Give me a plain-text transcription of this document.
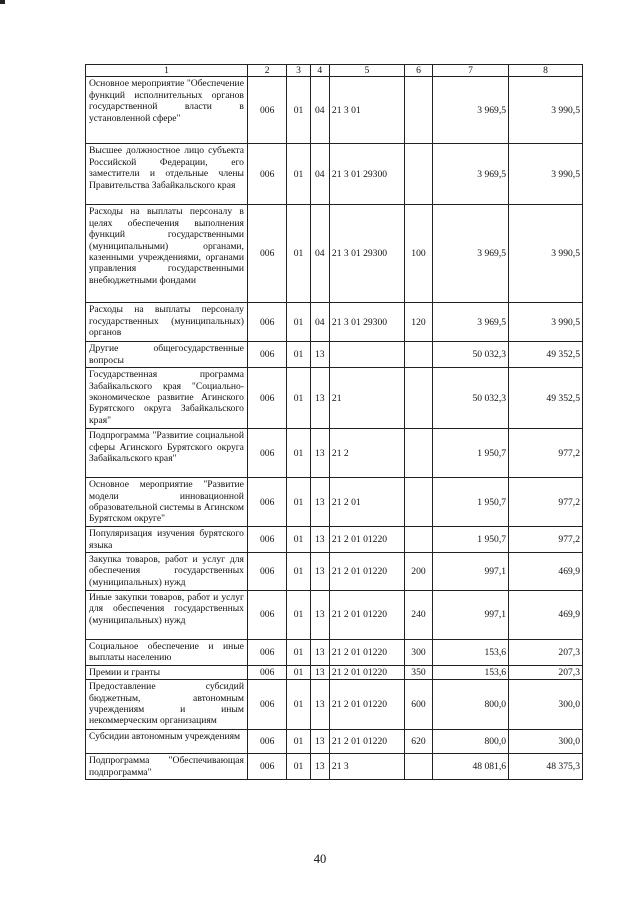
1	2	3	4	5	6	7	8
Основное мероприятие "Обеспечение функций исполнительных органов государственной власти в установленной сфере"	006	01	04	21 3 01		3 969,5	3 990,5
Высшее должностное лицо субъекта Российской Федерации, его заместители и отдельные члены Правительства Забайкальского края	006	01	04	21 3 01 29300		3 969,5	3 990,5
Расходы на выплаты персоналу в целях обеспечения выполнения функций государственными (муниципальными) органами, казенными учреждениями, органами управления государственными внебюджетными фондами	006	01	04	21 3 01 29300	100	3 969,5	3 990,5
Расходы на выплаты персоналу государственных (муниципальных) органов	006	01	04	21 3 01 29300	120	3 969,5	3 990,5
Другие общегосударственные вопросы	006	01	13			50 032,3	49 352,5
Государственная программа Забайкальского края "Социально-экономическое развитие Агинского Бурятского округа Забайкальского края"	006	01	13	21		50 032,3	49 352,5
Подпрограмма "Развитие социальной сферы Агинского Бурятского округа Забайкальского края"	006	01	13	21 2		1 950,7	977,2
Основное мероприятие "Развитие модели инновационной образовательной системы в Агинском Бурятском округе"	006	01	13	21 2 01		1 950,7	977,2
Популяризация изучения бурятского языка	006	01	13	21 2 01 01220		1 950,7	977,2
Закупка товаров, работ и услуг для обеспечения государственных (муниципальных) нужд	006	01	13	21 2 01 01220	200	997,1	469,9
Иные закупки товаров, работ и услуг для обеспечения государственных (муниципальных) нужд	006	01	13	21 2 01 01220	240	997,1	469,9
Социальное обеспечение и иные выплаты населению	006	01	13	21 2 01 01220	300	153,6	207,3
Премии и гранты	006	01	13	21 2 01 01220	350	153,6	207,3
Предоставление субсидий бюджетным, автономным учреждениям и иным некоммерческим организациям	006	01	13	21 2 01 01220	600	800,0	300,0
Субсидии автономным учреждениям	006	01	13	21 2 01 01220	620	800,0	300,0
Подпрограмма "Обеспечивающая подпрограмма"	006	01	13	21 3		48 081,6	48 375,3
40
